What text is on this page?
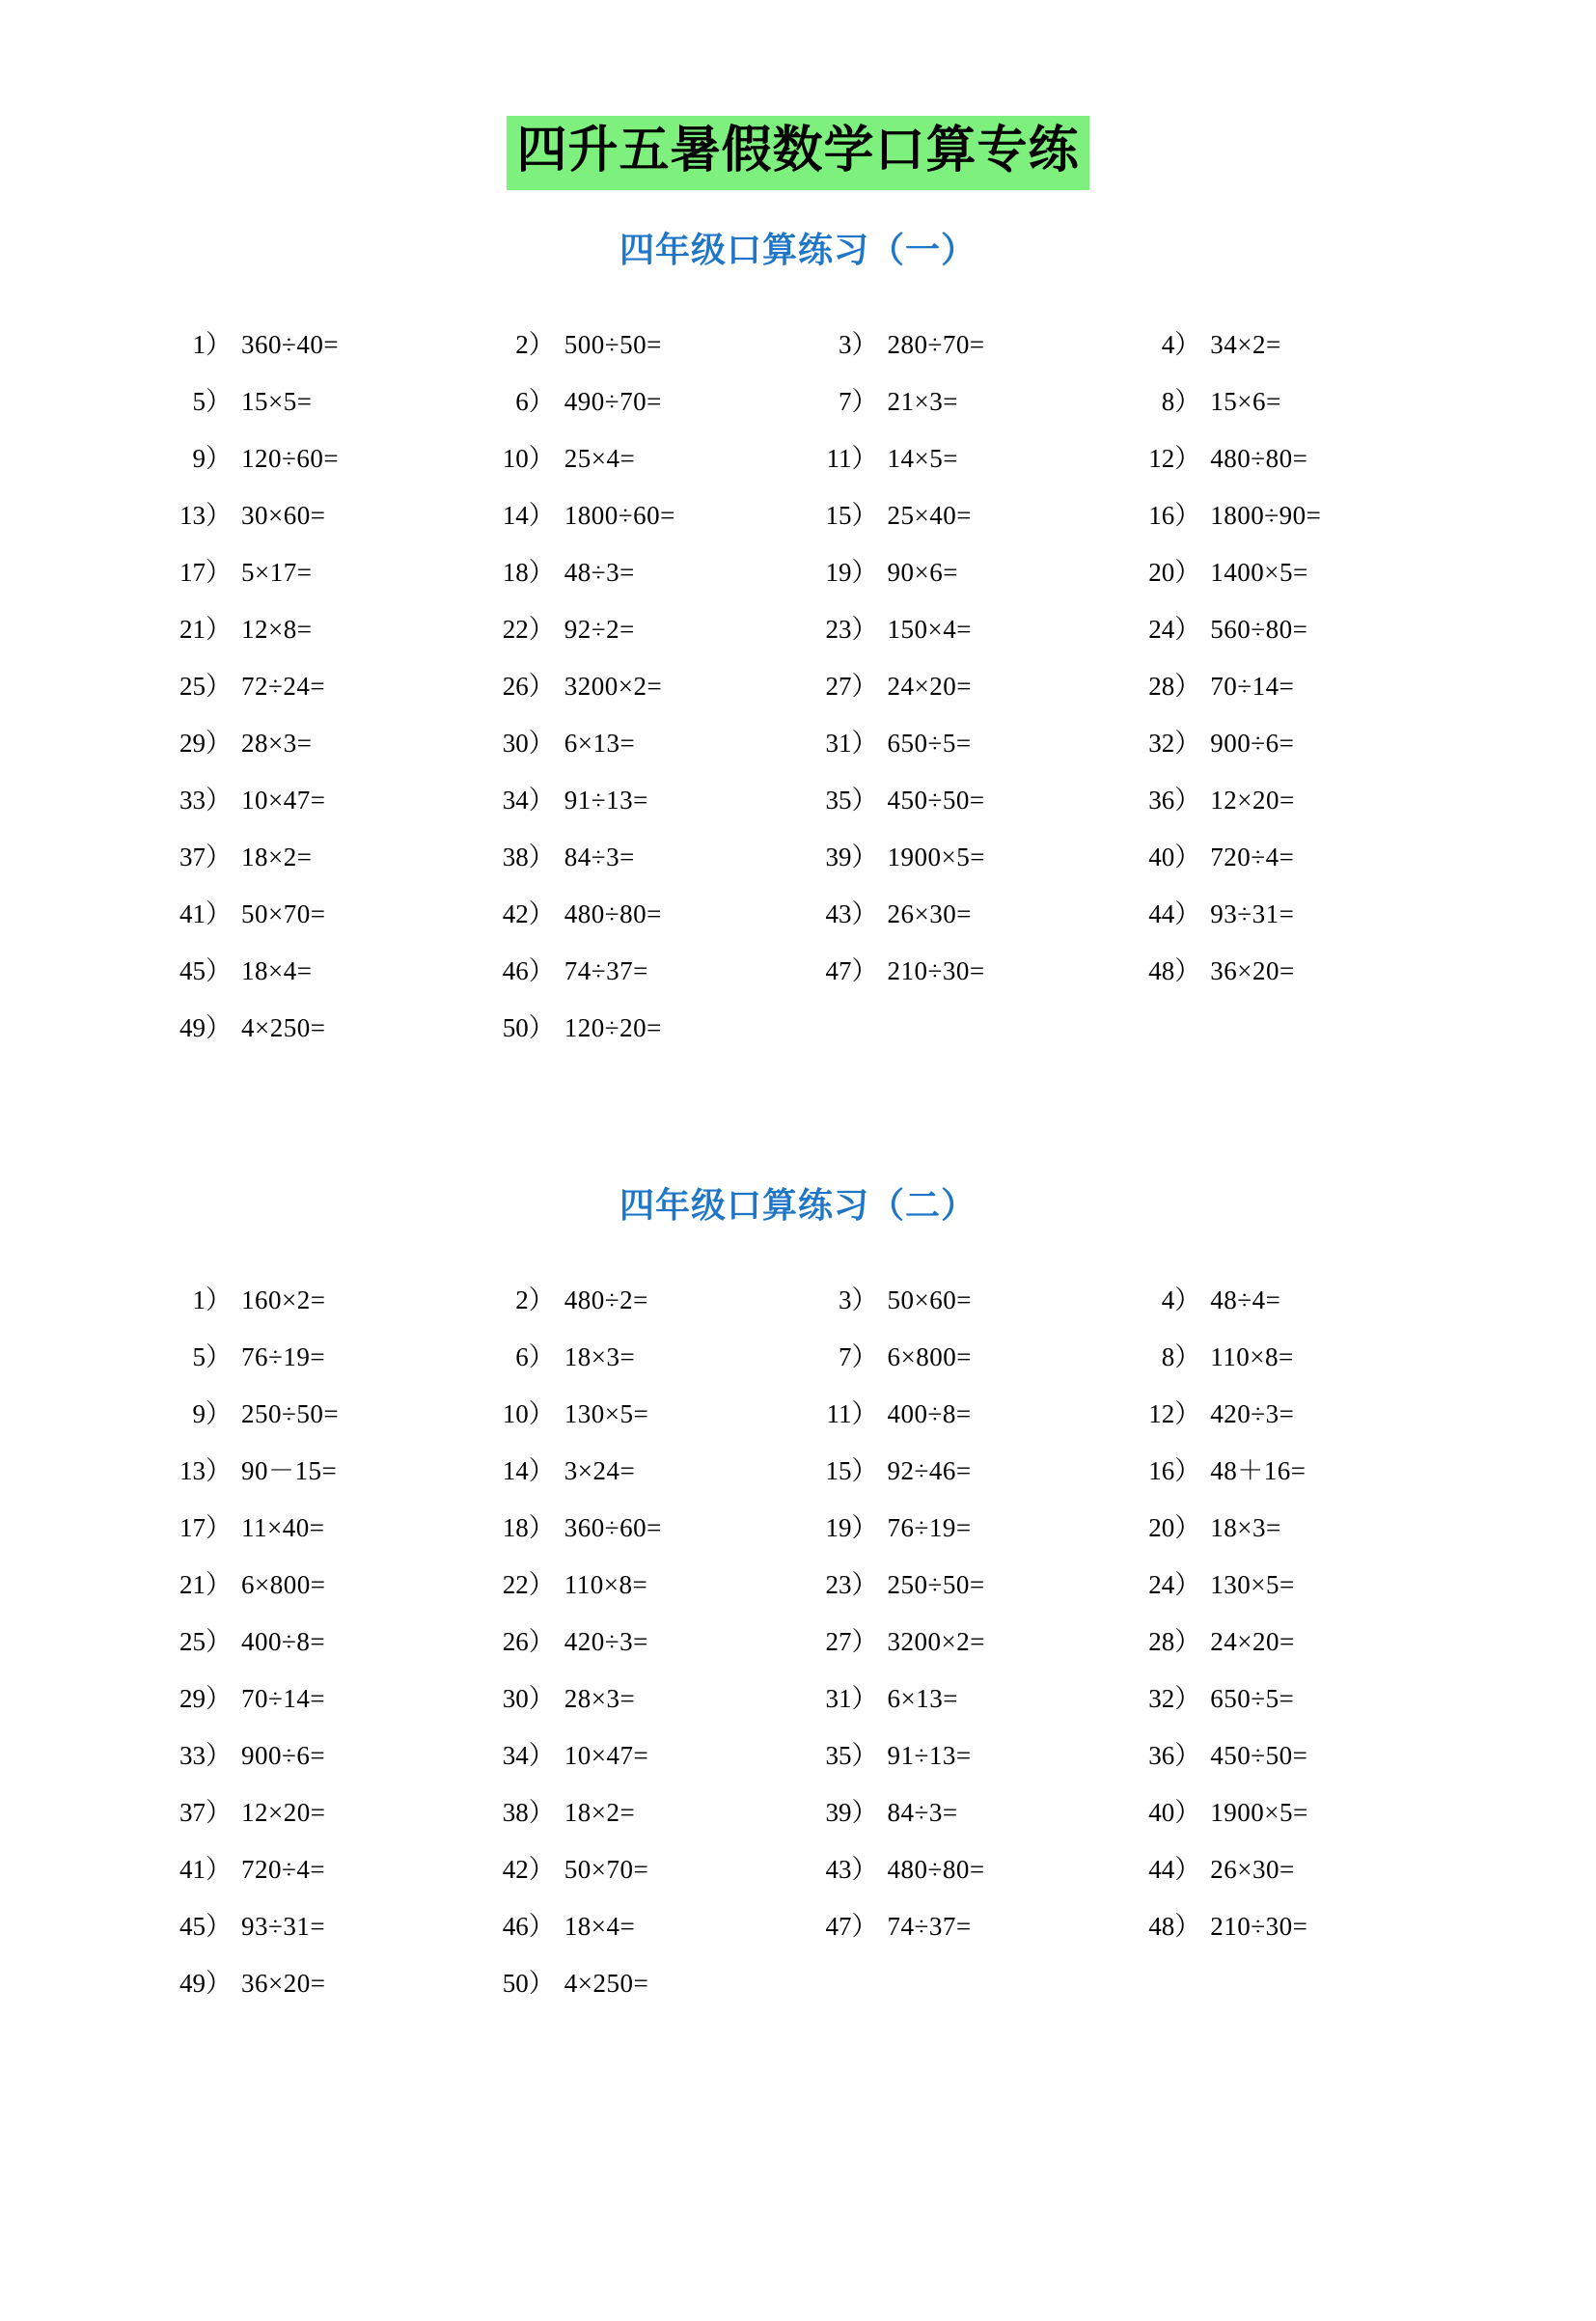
四升五暑假数学口算专练
四年级口算练习（一）
1） 360÷40=	2） 500÷50=	3） 280÷70=	4） 34×2=
5） 15×5=	6） 490÷70=	7） 21×3=	8） 15×6=
9） 120÷60=	10） 25×4=	11） 14×5=	12） 480÷80=
13） 30×60=	14） 1800÷60=	15） 25×40=	16） 1800÷90=
17） 5×17=	18） 48÷3=	19） 90×6=	20） 1400×5=
21） 12×8=	22） 92÷2=	23） 150×4=	24） 560÷80=
25） 72÷24=	26） 3200×2=	27） 24×20=	28） 70÷14=
29） 28×3=	30） 6×13=	31） 650÷5=	32） 900÷6=
33） 10×47=	34） 91÷13=	35） 450÷50=	36） 12×20=
37） 18×2=	38） 84÷3=	39） 1900×5=	40） 720÷4=
41） 50×70=	42） 480÷80=	43） 26×30=	44） 93÷31=
45） 18×4=	46） 74÷37=	47） 210÷30=	48） 36×20=
49） 4×250=	50） 120÷20=
四年级口算练习（二）
1） 160×2=	2） 480÷2=	3） 50×60=	4） 48÷4=
5） 76÷19=	6） 18×3=	7） 6×800=	8） 110×8=
9） 250÷50=	10） 130×5=	11） 400÷8=	12） 420÷3=
13） 90－15=	14） 3×24=	15） 92÷46=	16） 48＋16=
17） 11×40=	18） 360÷60=	19） 76÷19=	20） 18×3=
21） 6×800=	22） 110×8=	23） 250÷50=	24） 130×5=
25） 400÷8=	26） 420÷3=	27） 3200×2=	28） 24×20=
29） 70÷14=	30） 28×3=	31） 6×13=	32） 650÷5=
33） 900÷6=	34） 10×47=	35） 91÷13=	36） 450÷50=
37） 12×20=	38） 18×2=	39） 84÷3=	40） 1900×5=
41） 720÷4=	42） 50×70=	43） 480÷80=	44） 26×30=
45） 93÷31=	46） 18×4=	47） 74÷37=	48） 210÷30=
49） 36×20=	50） 4×250=
